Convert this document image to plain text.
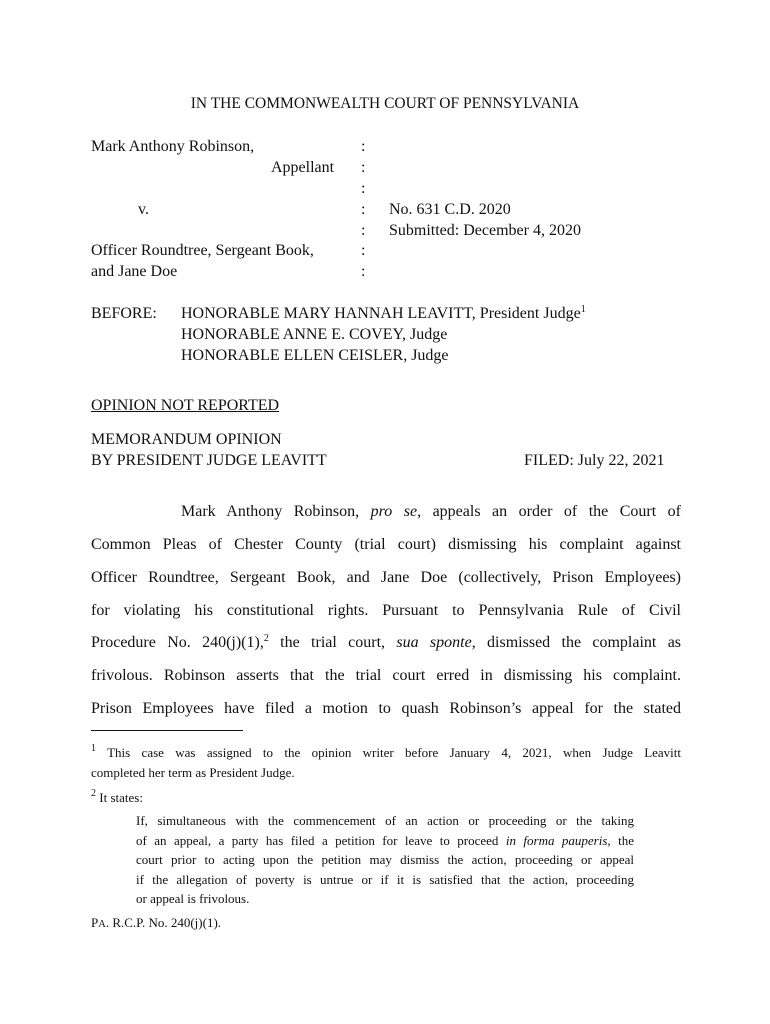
IN THE COMMONWEALTH COURT OF PENNSYLVANIA
Mark Anthony Robinson,
Appellant
v.
Officer Roundtree, Sergeant Book,
and Jane Doe
:
:
:
:
:
:
:
No. 631 C.D. 2020
Submitted: December 4, 2020
BEFORE: HONORABLE MARY HANNAH LEAVITT, President Judge$^1$
HONORABLE ANNE E. COVEY, Judge
HONORABLE ELLEN CEISLER, Judge
OPINION NOT REPORTED
MEMORANDUM OPINION
BY PRESIDENT JUDGE LEAVITT	FILED: July 22, 2021
Mark Anthony Robinson, pro se, appeals an order of the Court of
Common Pleas of Chester County (trial court) dismissing his complaint against
Officer Roundtree, Sergeant Book, and Jane Doe (collectively, Prison Employees)
for violating his constitutional rights. Pursuant to Pennsylvania Rule of Civil
Procedure No. 240(j)(1),$^2$ the trial court, sua sponte, dismissed the complaint as
frivolous. Robinson asserts that the trial court erred in dismissing his complaint.
Prison Employees have filed a motion to quash Robinson’s appeal for the stated
$^1$ This case was assigned to the opinion writer before January 4, 2021, when Judge Leavitt
completed her term as President Judge.
$^2$ It states:
If, simultaneous with the commencement of an action or proceeding or the taking
of an appeal, a party has filed a petition for leave to proceed in forma pauperis, the
court prior to acting upon the petition may dismiss the action, proceeding or appeal
if the allegation of poverty is untrue or if it is satisfied that the action, proceeding
or appeal is frivolous.
PA. R.C.P. No. 240(j)(1).
